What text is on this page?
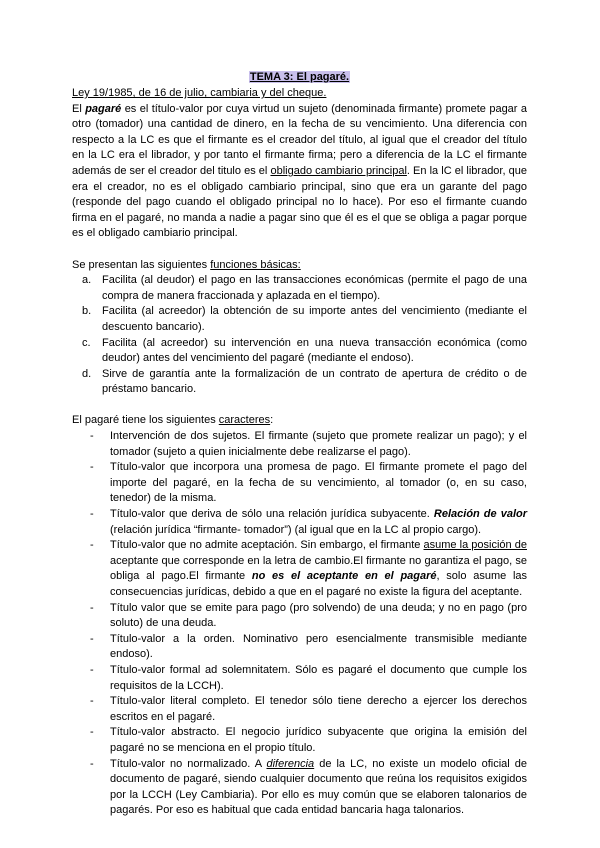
TEMA 3: El pagaré.

Ley 19/1985, de 16 de julio, cambiaria y del cheque.

El pagaré es el título-valor por cuya virtud un sujeto (denominada firmante) promete pagar a otro (tomador) una cantidad de dinero, en la fecha de su vencimiento. Una diferencia con respecto a la LC es que el firmante es el creador del título, al igual que el creador del título en la LC era el librador, y por tanto el firmante firma; pero a diferencia de la LC el firmante además de ser el creador del titulo es el obligado cambiario principal. En la lC el librador, que era el creador, no es el obligado cambiario principal, sino que era un garante del pago (responde del pago cuando el obligado principal no lo hace). Por eso el firmante cuando firma en el pagaré, no manda a nadie a pagar sino que él es el que se obliga a pagar porque es el obligado cambiario principal.

Se presentan las siguientes funciones básicas:

a. Facilita (al deudor) el pago en las transacciones económicas (permite el pago de una compra de manera fraccionada y aplazada en el tiempo).
b. Facilita (al acreedor) la obtención de su importe antes del vencimiento (mediante el descuento bancario).
c.	Facilita (al acreedor) su intervención en una nueva transacción económica (como deudor) antes del vencimiento del pagaré (mediante el endoso).
d. Sirve de garantía ante la formalización de un contrato de apertura de crédito o de préstamo bancario.

El pagaré tiene los siguientes caracteres:

-	Intervención de dos sujetos. El firmante (sujeto que promete realizar un pago); y el tomador (sujeto a quien inicialmente debe realizarse el pago).
-	Título-valor que incorpora una promesa de pago. El firmante promete el pago del importe del pagaré, en la fecha de su vencimiento, al tomador (o, en su caso, tenedor) de la misma.
-	Título-valor que deriva de sólo una relación jurídica subyacente. Relación de valor (relación jurídica “firmante- tomador”) (al igual que en la LC al propio cargo).
-	Título-valor que no admite aceptación. Sin embargo, el firmante asume la posición de aceptante que corresponde en la letra de cambio.El firmante no garantiza el pago, se obliga al pago.El firmante no es el aceptante en el pagaré, solo asume las consecuencias jurídicas, debido a que en el pagaré no existe la figura del aceptante.
-	Título valor que se emite para pago (pro solvendo) de una deuda; y no en pago (pro soluto) de una deuda.
-	Título-valor a la orden. Nominativo pero esencialmente transmisible mediante endoso).
-	Título-valor formal ad solemnitatem. Sólo es pagaré el documento que cumple los requisitos de la LCCH).
-	Título-valor literal completo. El tenedor sólo tiene derecho a ejercer los derechos escritos en el pagaré.
-	Título-valor abstracto. El negocio jurídico subyacente que origina la emisión del pagaré no se menciona en el propio título.
-	Título-valor no normalizado. A diferencia de la LC, no existe un modelo oficial de documento de pagaré, siendo cualquier documento que reúna los requisitos exigidos por la LCCH (Ley Cambiaria). Por ello es muy común que se elaboren talonarios de pagarés. Por eso es habitual que cada entidad bancaria haga talonarios.
